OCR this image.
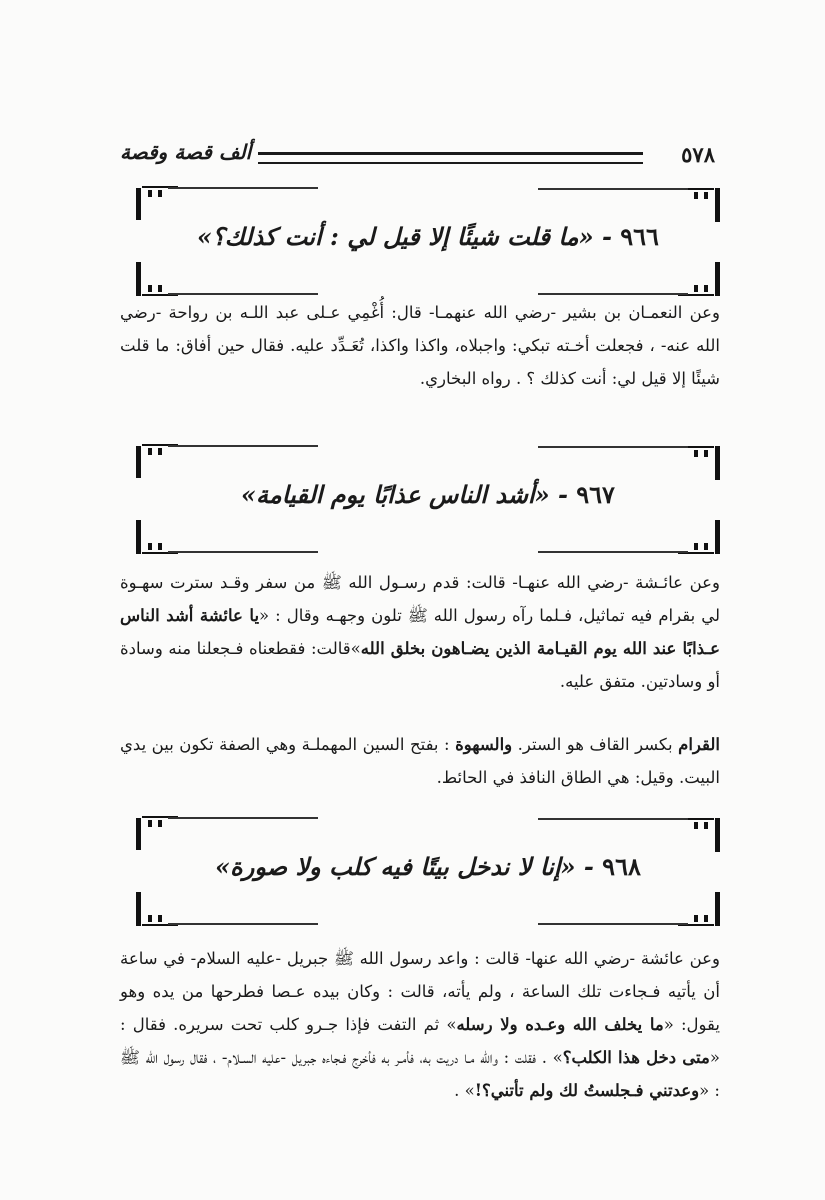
٥٧٨
ألف قصة وقصة
٩٦٦ - «ما قلت شيئًا إلا قيل لي : أنت كذلك؟»

وعن النعمـان بن بشير -رضي الله عنهمـا- قال: أُغْمِي عـلى عبد اللـه بن رواحة -رضي الله عنه- ، فجعلت أخـته تبكي: واجبلاه، واكذا واكذا، تُعَـدِّد عليه. فقال حين أفاق: ما قلت شيئًا إلا قيل لي: أنت كذلك ؟ . رواه البخاري.

٩٦٧ - «أشد الناس عذابًا يوم القيامة»

وعن عائـشة -رضي الله عنهـا- قالت: قدم رسـول الله ﷺ من سفر وقـد سترت سهـوة لي بقرام فيه تماثيل، فـلما رآه رسول الله ﷺ تلون وجهـه وقال : «يا عائشة أشد الناس عـذابًا عند الله يوم القيـامة الذين يضـاهون بخلق الله»قالت: فقطعناه فـجعلنا منه وسادة أو وسادتين. متفق عليه.

القرام بكسر القاف هو الستر. والسهوة : بفتح السين المهملـة وهي الصفة تكون بين يدي البيت. وقيل: هي الطاق النافذ في الحائط.

٩٦٨ - «إنا لا ندخل بيتًا فيه كلب ولا صورة»

وعن عائشة -رضي الله عنها- قالت : واعد رسول الله ﷺ جبريل -عليه السلام- في ساعة أن يأتيه فـجاءت تلك الساعة ، ولم يأته، قالت : وكان بيده عـصا فطرحها من يده وهو يقول: «ما يخلف الله وعـده ولا رسله» ثم التفت فإذا جـرو كلب تحت سريره. فقال : «متى دخل هذا الكلب؟» . فقلت : والله مـا دريت به، فأمـر به فأخرج فـجاءه جبريل -عليه السـلام- ، فقال رسول الله ﷺ : «وعدتني فـجلستُ لك ولم تأتني؟!» .
